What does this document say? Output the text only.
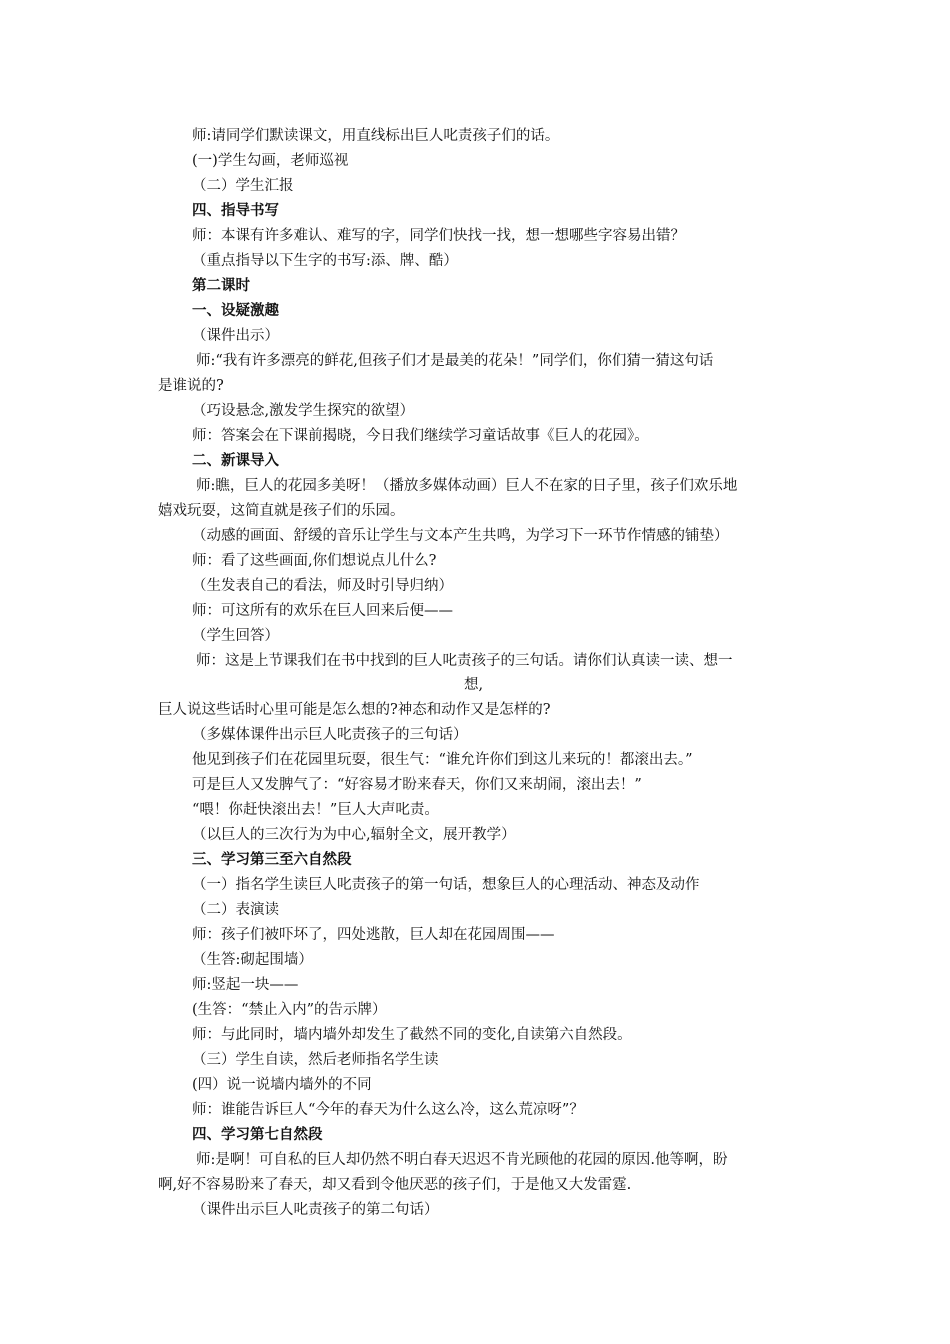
师:请同学们默读课文，用直线标出巨人叱责孩子们的话。
(一)学生勾画，老师巡视
（二）学生汇报
四、指导书写
师：本课有许多难认、难写的字，同学们快找一找，想一想哪些字容易出错？
（重点指导以下生字的书写:添、牌、酷）
第二课时
一、设疑激趣
（课件出示）
师:“我有许多漂亮的鲜花,但孩子们才是最美的花朵！”同学们，你们猜一猜这句话
是谁说的?
（巧设悬念,激发学生探究的欲望）
师：答案会在下课前揭晓，今日我们继续学习童话故事《巨人的花园》。
二、新课导入
师:瞧，巨人的花园多美呀！（播放多媒体动画）巨人不在家的日子里，孩子们欢乐地
嬉戏玩耍，这简直就是孩子们的乐园。
（动感的画面、舒缓的音乐让学生与文本产生共鸣，为学习下一环节作情感的铺垫）
师：看了这些画面,你们想说点儿什么?
（生发表自己的看法，师及时引导归纳）
师：可这所有的欢乐在巨人回来后便——
（学生回答）
师：这是上节课我们在书中找到的巨人叱责孩子的三句话。请你们认真读一读、想一
想,
巨人说这些话时心里可能是怎么想的?神态和动作又是怎样的?
（多媒体课件出示巨人叱责孩子的三句话）
他见到孩子们在花园里玩耍，很生气：“谁允许你们到这儿来玩的！都滚出去。”
可是巨人又发脾气了：“好容易才盼来春天，你们又来胡闹，滚出去！”
“喂！你赶快滚出去！”巨人大声叱责。
（以巨人的三次行为为中心,辐射全文，展开教学）
三、学习第三至六自然段
（一）指名学生读巨人叱责孩子的第一句话，想象巨人的心理活动、神态及动作
（二）表演读
师：孩子们被吓坏了，四处逃散，巨人却在花园周围——
（生答:砌起围墙）
师:竖起一块——
(生答：“禁止入内”的告示牌）
师：与此同时，墙内墙外却发生了截然不同的变化,自读第六自然段。
（三）学生自读，然后老师指名学生读
(四）说一说墙内墙外的不同
师：谁能告诉巨人“今年的春天为什么这么冷，这么荒凉呀”？
四、学习第七自然段
师:是啊！可自私的巨人却仍然不明白春天迟迟不肯光顾他的花园的原因.他等啊，盼
啊,好不容易盼来了春天，却又看到令他厌恶的孩子们，于是他又大发雷霆.
（课件出示巨人叱责孩子的第二句话）
